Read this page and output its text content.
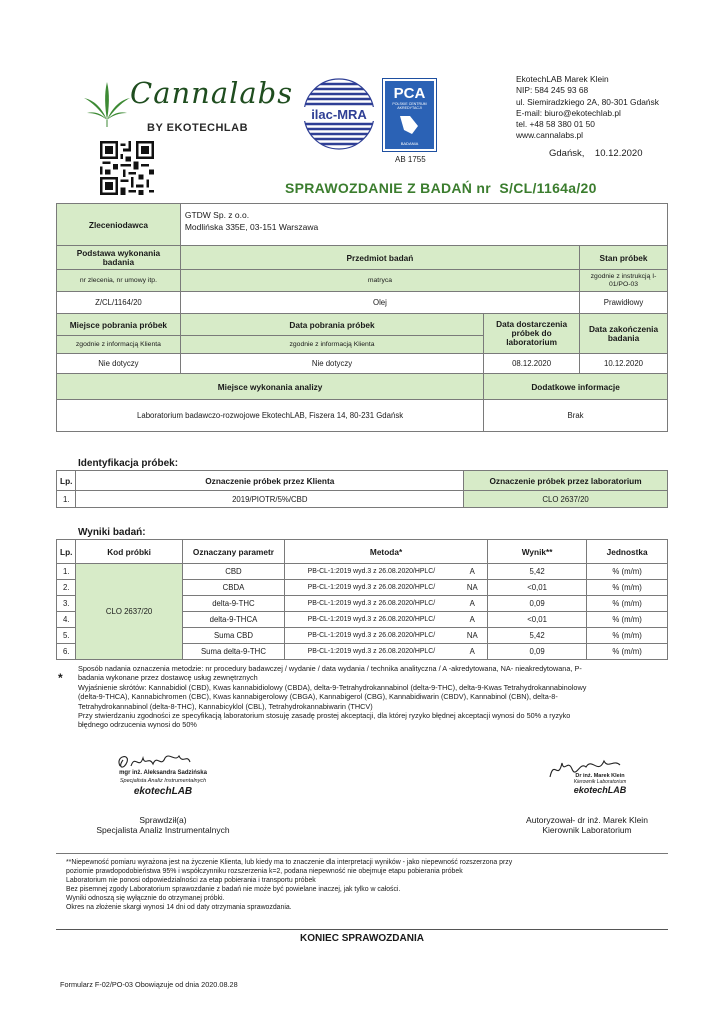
Cannalabs
BY EKOTECHLAB
ilac-MRA
PCA
POLSKIE CENTRUM
AKREDYTACJI
BADANIA
AB 1755
EkotechLAB Marek Klein
NIP: 584 245 93 68
ul. Siemiradzkiego 2A, 80-301 Gdańsk
E-mail: biuro@ekotechlab.pl
tel. +48 58 380 01 50
www.cannalabs.pl
Gdańsk,    10.12.2020
SPRAWOZDANIE Z BADAŃ nr  S/CL/1164a/20
Zleceniodawca	GTDW Sp. z o.o.
Modlińska 335E, 03-151 Warszawa		

Podstawa wykonania badania	Przedmiot badań		Stan próbek
nr zlecenia, nr umowy itp.	matryca		zgodnie z instrukcją I-01/PO-03
Z/CL/1164/20	Olej		Prawidłowy
Miejsce pobrania próbek	Data pobrania próbek	Data dostarczenia próbek do laboratorium	Data zakończenia badania
zgodnie z informacją Klienta	zgodnie z informacją Klienta		
Nie dotyczy	Nie dotyczy	08.12.2020	10.12.2020
Miejsce wykonania analizy		Dodatkowe informacje	
Laboratorium badawczo-rozwojowe EkotechLAB, Fiszera 14, 80-231 Gdańsk		Brak	
Identyfikacja próbek:
Lp.	Oznaczenie próbek przez Klienta	Oznaczenie próbek przez laboratorium
1.	2019/PIOTR/5%/CBD	CLO 2637/20
Wyniki badań:
Lp.	Kod próbki	Oznaczany parametr	Metoda*		Wynik**	Jednostka
1.	CLO 2637/20	CBD	PB-CL-1:2019 wyd.3 z 26.08.2020/HPLC/	A	5,42	% (m/m)
2.		CBDA	PB-CL-1:2019 wyd.3 z 26.08.2020/HPLC/	NA	<0,01	% (m/m)
3.		delta-9-THC	PB-CL-1:2019 wyd.3 z 26.08.2020/HPLC/	A	0,09	% (m/m)
4.		delta-9-THCA	PB-CL-1:2019 wyd.3 z 26.08.2020/HPLC/	A	<0,01	% (m/m)
5.		Suma CBD	PB-CL-1:2019 wyd.3 z 26.08.2020/HPLC/	NA	5,42	% (m/m)
6.		Suma delta-9-THC	PB-CL-1:2019 wyd.3 z 26.08.2020/HPLC/	A	0,09	% (m/m)
*
Sposób nadania oznaczenia metodzie: nr procedury badawczej / wydanie / data wydania / technika analityczna / A -akredytowana, NA- nieakredytowana, P-
badania wykonane przez dostawcę usług zewnętrznych
Wyjaśnienie skrótów: Kannabidiol (CBD), Kwas kannabidiolowy (CBDA), delta-9-Tetrahydrokannabinol (delta-9-THC), delta-9-Kwas Tetrahydrokannabinolowy
(delta-9-THCA), Kannabichromen (CBC), Kwas kannabigerolowy (CBGA), Kannabigerol (CBG), Kannabidiwarin (CBDV), Kannabinol (CBN), delta-8-
Tetrahydrokannabinol (delta-8-THC), Kannabicyklol (CBL), Tetrahydrokannabiwarin (THCV)
Przy stwierdzaniu zgodności ze specyfikacją laboratorium stosuję zasadę prostej akceptacji, dla której ryzyko błędnej akceptacji wynosi do 50% a ryzyko
błędnego odrzucenia wynosi do 50%
mgr inż. Aleksandra Sadzińska
Specjalista Analiz Instrumentalnych
ekotechLAB
Sprawdził(a)
Specjalista Analiz Instrumentalnych
Dr inż. Marek Klein
Kierownik Laboratorium
ekotechLAB
Autoryzował- dr inż. Marek Klein
Kierownik Laboratorium
**Niepewność pomiaru wyrażona jest na życzenie Klienta, lub kiedy ma to znaczenie dla interpretacji wyników - jako niepewność rozszerzona przy
poziomie prawdopodobieństwa 95% i współczynniku rozszerzenia k=2, podana niepewność nie obejmuje etapu pobierania próbek
Laboratorium nie ponosi odpowiedzialności za etap pobierania i transportu próbek
Bez pisemnej zgody Laboratorium sprawozdanie z badań nie może być powielane inaczej, jak tylko w całości.
Wyniki odnoszą się wyłącznie do otrzymanej próbki.
Okres na złożenie skargi wynosi 14 dni od daty otrzymania sprawozdania.
KONIEC SPRAWOZDANIA
Formularz F-02/PO-03 Obowiązuje od dnia 2020.08.28
